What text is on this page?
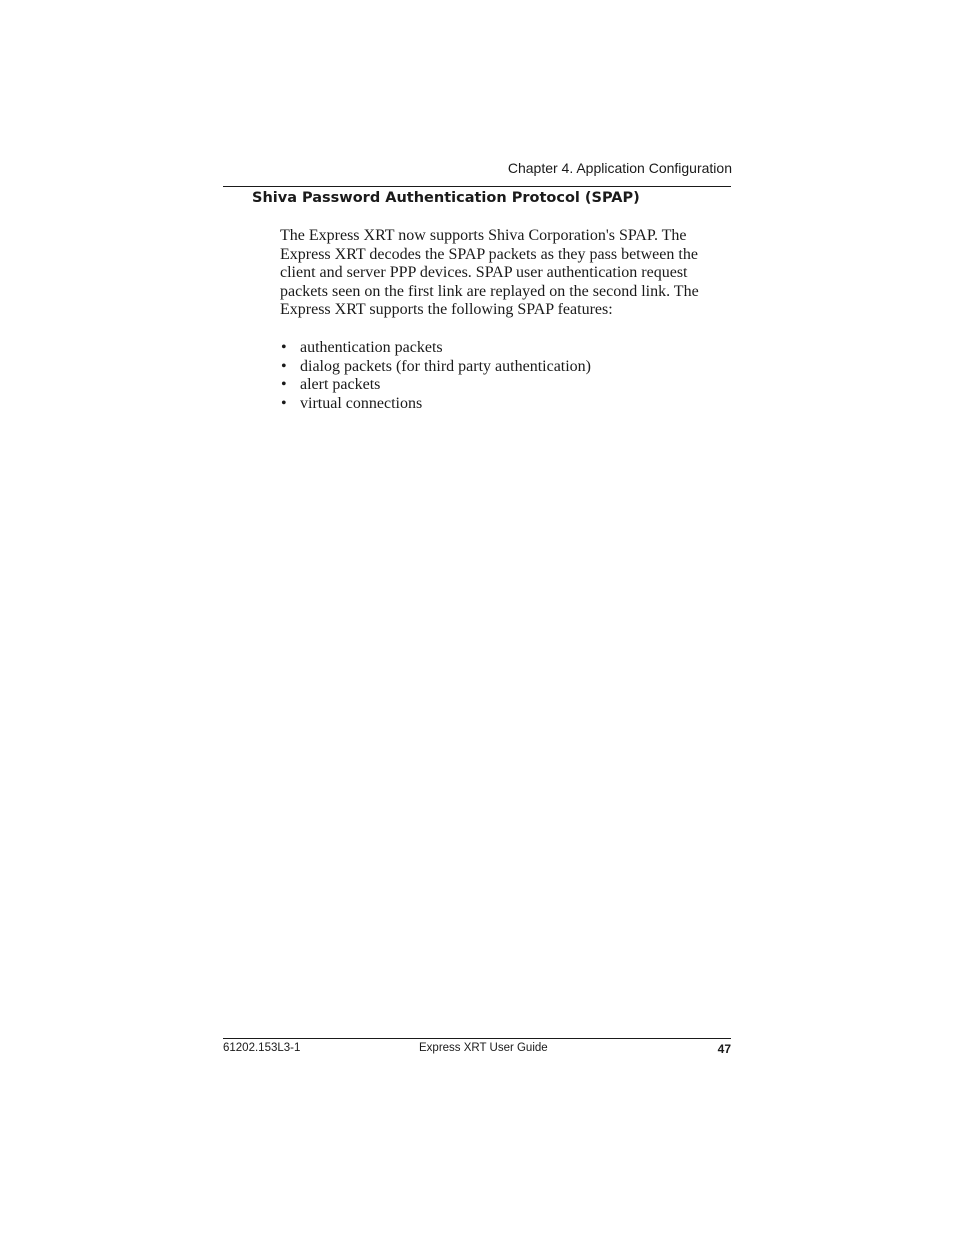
Chapter 4. Application Configuration
Shiva Password Authentication Protocol (SPAP)

The Express XRT now supports Shiva Corporation's SPAP. The
Express XRT decodes the SPAP packets as they pass between the
client and server PPP devices. SPAP user authentication request
packets seen on the first link are replayed on the second link. The
Express XRT supports the following SPAP features:

• authentication packets
• dialog packets (for third party authentication)
• alert packets
• virtual connections
61202.153L3-1	Express XRT User Guide	47
